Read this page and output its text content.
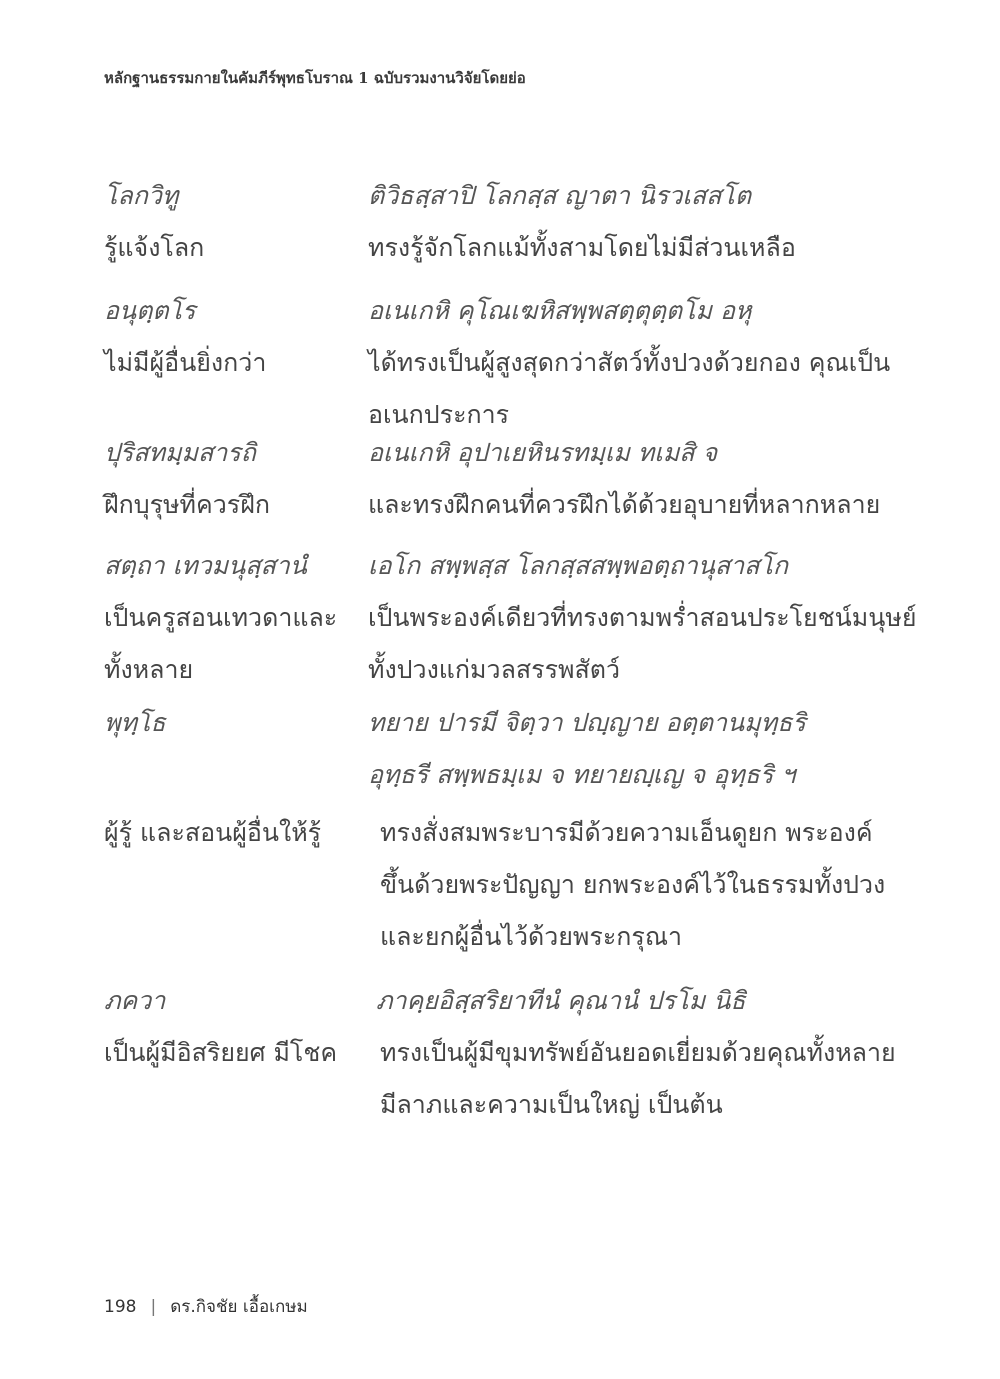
หลักฐานธรรมกายในคัมภีร์พุทธโบราณ 1 ฉบับรวมงานวิจัยโดยย่อ
โลกวิทู
รู้แจ้งโลก
ติวิธสฺสาปิ โลกสฺส ญาตา นิรวเสสโต
ทรงรู้จักโลกแม้ทั้งสามโดยไม่มีส่วนเหลือ
อนุตฺตโร
ไม่มีผู้อื่นยิ่งกว่า
อเนเกหิ คุโณเฆหิสพฺพสตฺตุตฺตโม อหุ
ได้ทรงเป็นผู้สูงสุดกว่าสัตว์ทั้งปวงด้วยกอง คุณเป็น
อเนกประการ
ปุริสทมฺมสารถิ
ฝึกบุรุษที่ควรฝึก
อเนเกหิ อุปาเยหินรทมฺเม ทเมสิ จ
และทรงฝึกคนที่ควรฝึกได้ด้วยอุบายที่หลากหลาย
สตฺถา เทวมนุสฺสานํ
เป็นครูสอนเทวดาและ
ทั้งหลาย
เอโก สพฺพสฺส โลกสฺสสพฺพอตฺถานุสาสโก
เป็นพระองค์เดียวที่ทรงตามพร่ำสอนประโยชน์มนุษย์
ทั้งปวงแก่มวลสรรพสัตว์
พุทฺโธ
ผู้รู้ และสอนผู้อื่นให้รู้
ทยาย ปารมี จิตฺวา ปญฺญาย อตฺตานมุทฺธริ
อุทฺธรี สพฺพธมฺเม จ ทยายญฺเญ จ อุทฺธริ ฯ
ทรงสั่งสมพระบารมีด้วยความเอ็นดูยก พระองค์
ขึ้นด้วยพระปัญญา ยกพระองค์ไว้ในธรรมทั้งปวง
และยกผู้อื่นไว้ด้วยพระกรุณา
ภควา
เป็นผู้มีอิสริยยศ มีโชค
ภาคฺยอิสฺสริยาทีนํ คุณานํ ปรโม นิธิ
ทรงเป็นผู้มีขุมทรัพย์อันยอดเยี่ยมด้วยคุณทั้งหลาย
มีลาภและความเป็นใหญ่ เป็นต้น
198 | ดร.กิจชัย เอื้อเกษม
